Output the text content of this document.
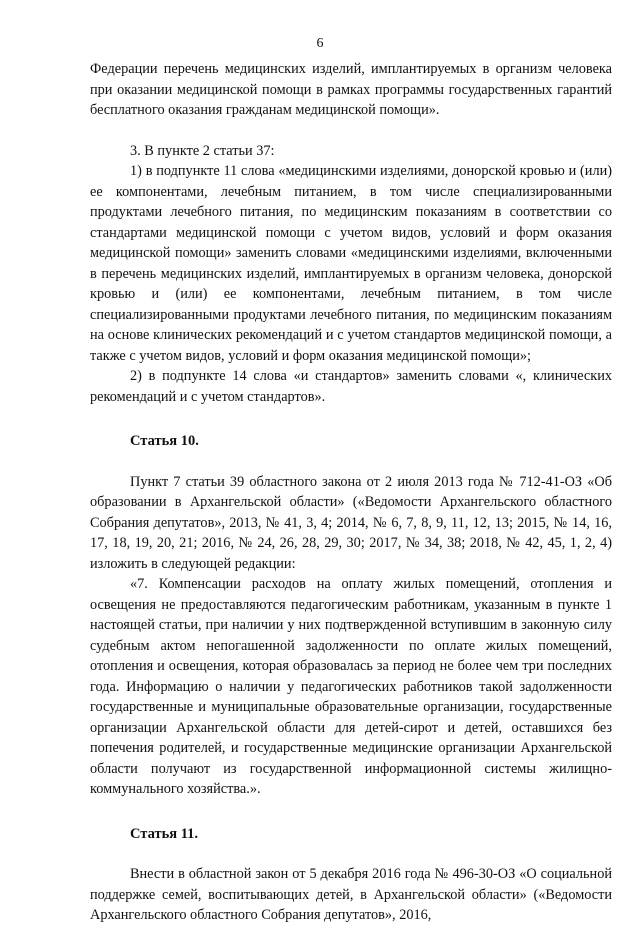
6

Федерации перечень медицинских изделий, имплантируемых в организм человека при оказании медицинской помощи в рамках программы государственных гарантий бесплатного оказания гражданам медицинской помощи».

3. В пункте 2 статьи 37:

1) в подпункте 11 слова «медицинскими изделиями, донорской кровью и (или) ее компонентами, лечебным питанием, в том числе специализированными продуктами лечебного питания, по медицинским показаниям в соответствии со стандартами медицинской помощи с учетом видов, условий и форм оказания медицинской помощи» заменить словами «медицинскими изделиями, включенными в перечень медицинских изделий, имплантируемых в организм человека, донорской кровью и (или) ее компонентами, лечебным питанием, в том числе специализированными продуктами лечебного питания, по медицинским показаниям на основе клинических рекомендаций и с учетом стандартов медицинской помощи, а также с учетом видов, условий и форм оказания медицинской помощи»;

2) в подпункте 14 слова «и стандартов» заменить словами «, клинических рекомендаций и с учетом стандартов».

Статья 10.

Пункт 7 статьи 39 областного закона от 2 июля 2013 года № 712-41-ОЗ «Об образовании в Архангельской области» («Ведомости Архангельского областного Собрания депутатов», 2013, № 41, 3, 4; 2014, № 6, 7, 8, 9, 11, 12, 13; 2015, № 14, 16, 17, 18, 19, 20, 21; 2016, № 24, 26, 28, 29, 30; 2017, № 34, 38; 2018, № 42, 45, 1, 2, 4) изложить в следующей редакции:

«7. Компенсации расходов на оплату жилых помещений, отопления и освещения не предоставляются педагогическим работникам, указанным в пункте 1 настоящей статьи, при наличии у них подтвержденной вступившим в законную силу судебным актом непогашенной задолженности по оплате жилых помещений, отопления и освещения, которая образовалась за период не более чем три последних года. Информацию о наличии у педагогических работников такой задолженности государственные и муниципальные образовательные организации, государственные организации Архангельской области для детей-сирот и детей, оставшихся без попечения родителей, и государственные медицинские организации Архангельской области получают из государственной информационной системы жилищно-коммунального хозяйства.».

Статья 11.

Внести в областной закон от 5 декабря 2016 года № 496-30-ОЗ «О социальной поддержке семей, воспитывающих детей, в Архангельской области» («Ведомости Архангельского областного Собрания депутатов», 2016,
